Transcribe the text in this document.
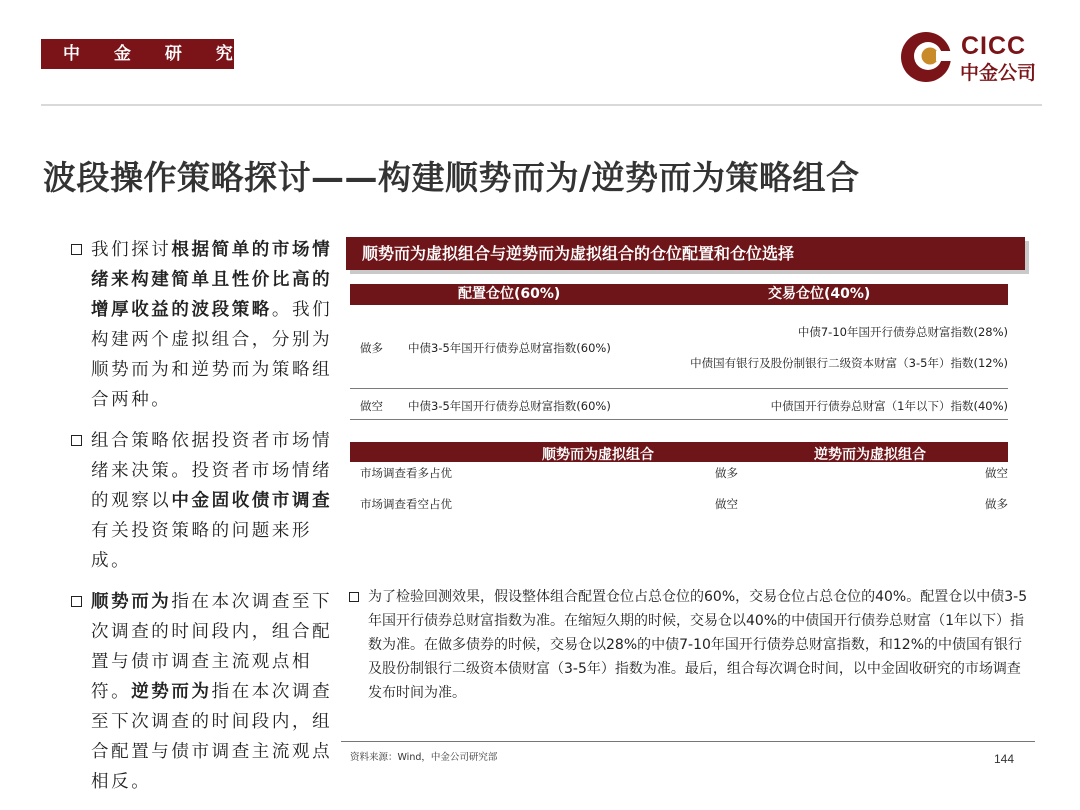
中 金 研 究 部	CICC
中金公司
波段操作策略探讨——构建顺势而为/逆势而为策略组合
我们探讨根据简单的市场情绪来构建简单且性价比高的增厚收益的波段策略。我们构建两个虚拟组合，分别为顺势而为和逆势而为策略组合两种。
组合策略依据投资者市场情绪来决策。投资者市场情绪的观察以中金固收债市调查有关投资策略的问题来形成。
顺势而为指在本次调查至下次调查的时间段内，组合配置与债市调查主流观点相符。逆势而为指在本次调查至下次调查的时间段内，组合配置与债市调查主流观点相反。
顺势而为虚拟组合与逆势而为虚拟组合的仓位配置和仓位选择
配置仓位(60%)	交易仓位(40%)
做多 中债3-5年国开行债券总财富指数(60%)
中债7-10年国开行债券总财富指数(28%)
中债国有银行及股份制银行二级资本财富（3-5年）指数(12%)
做空 中债3-5年国开行债券总财富指数(60%)	中债国开行债券总财富（1年以下）指数(40%)
顺势而为虚拟组合	逆势而为虚拟组合
市场调查看多占优	做多	做空
市场调查看空占优	做空	做多
为了检验回测效果，假设整体组合配置仓位占总仓位的60%，交易仓位占总仓位的40%。配置仓以中债3-5年国开行债券总财富指数为准。在缩短久期的时候，交易仓以40%的中债国开行债券总财富（1年以下）指数为准。在做多债券的时候，交易仓以28%的中债7-10年国开行债券总财富指数，和12%的中债国有银行及股份制银行二级资本债财富（3-5年）指数为准。最后，组合每次调仓时间，以中金固收研究的市场调查发布时间为准。
资料来源：Wind，中金公司研究部	144
